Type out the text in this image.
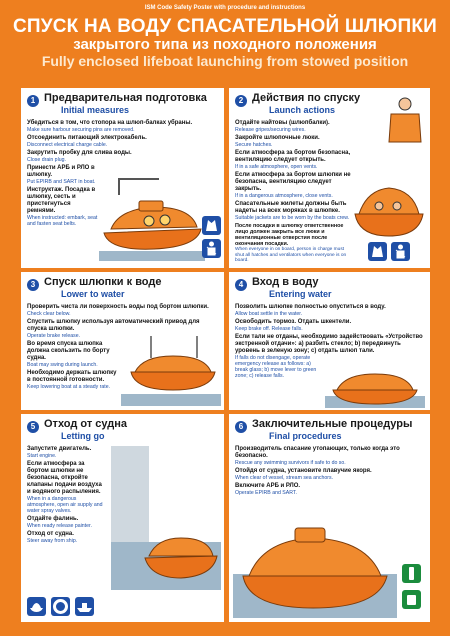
ISM Code Safety Poster with procedure and instructions
СПУСК НА ВОДУ СПАСАТЕЛЬНОЙ ШЛЮПКИ
закрытого типа из походного положения
Fully enclosed lifeboat launching from stowed position
1 Предварительная подготовка
Initial measures
Убедиться в том, что стопора на шлюп-балках убраны.
Make sure harbour securing pins are removed.
Отсоединить питающий электрокабель.
Disconnect electrical charge cable.
Закрутить пробку для слива воды.
Close drain plug.
Принести АРБ и РЛО в шлюпку.
Put EPIRB and SART in boat.
Инструктаж. Посадка в шлюпку, сесть и пристегнуться ремнями.
When instructed: embark, seat and fasten seat belts.
2 Действия по спуску
Launch actions
Отдайте найтовы (шлюпбалки).
Release gripes/securing wires.
Закройте шлюпочные люки.
Secure hatches.
Если атмосфера за бортом безопасна, вентиляцию следует открыть.
If in a safe atmosphere, open vents.
Если атмосфера за бортом шлюпки не безопасна, вентиляцию следует закрыть.
If in a dangerous atmosphere, close vents.
Спасательные жилеты должны быть надеты на всех моряках в шлюпке.
Suitable jackets are to be worn by the boats crew.
После посадки в шлюпку ответственное лицо должен закрыть все люки и вентиляционные отверстия после окончания посадки.
When everyone in on board, person in charge must shut all hatches and ventilators when everyone is on board.
3 Спуск шлюпки к воде
Lower to water
Проверить чиста ли поверхность воды под бортом шлюпки.
Check clear below.
Спустить шлюпку используя автоматический привод для спуска шлюпки.
Operate brake release.
Во время спуска шлюпка должна скользить по борту судна.
Boat may swing during launch.
Необходимо держать шлюпку в постоянной готовности.
Keep lowering boat at a steady rate.
4 Вход в воду
Entering water
Позволить шлюпке полностью опуститься в воду.
Allow boat settle in the water.
Освободить тормоз. Отдать шкентели.
Keep brake off. Release falls.
Если тали не отданы, необходимо задействовать «Устройство экстренной отдачи»: а) разбить стекло; b) передвинуть уровень в зеленую зону; c) отдать шлюп тали.
If falls do not disengage, operate emergency release as follows: a) break glass; b) move lever to green zone; c) release falls.
5 Отход от судна
Letting go
Запустите двигатель.
Start engine.
Если атмосфера за бортом шлюпки не безопасна, откройте клапаны подачи воздуха и водяного распыления.
When in a dangerous atmosphere, open air supply and water spray valves.
Отдайте фалинь.
When ready release painter.
Отход от судна.
Steer away from ship.
6 Заключительные процедуры
Final procedures
Производитель спасание утопающих, только когда это безопасно.
Rescue any swimming survivors if safe to do so.
Отойдя от судна, установите плавучие якоря.
When clear of vessel, stream sea anchors.
Включите АРБ и РЛО.
Operate EPIRB and SART.
